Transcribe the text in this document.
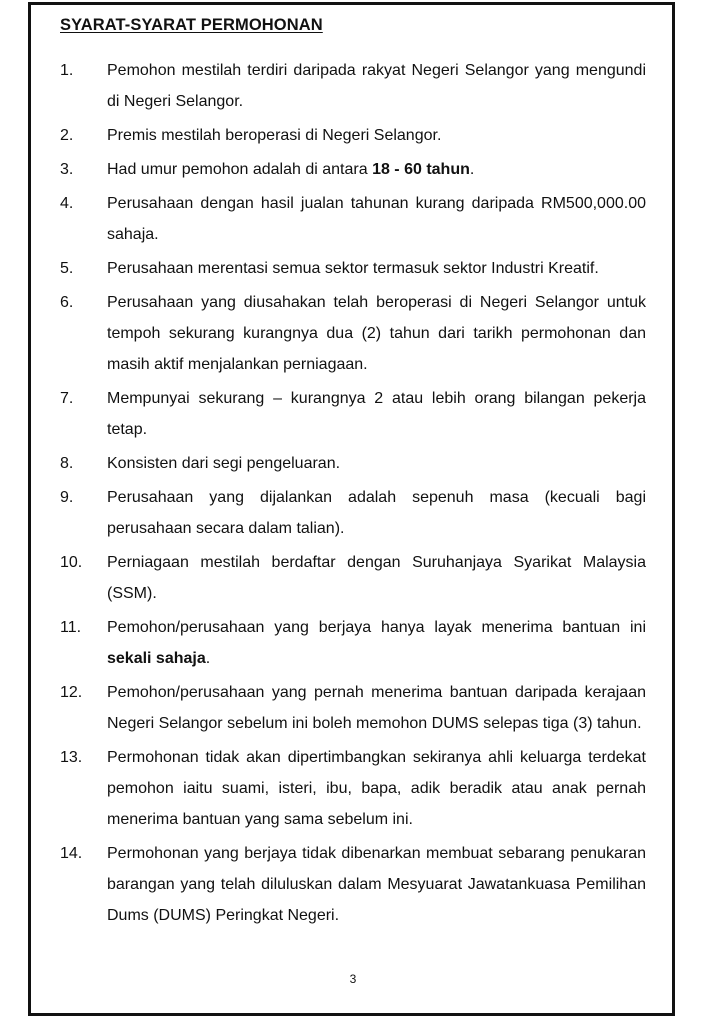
SYARAT-SYARAT PERMOHONAN
1.	Pemohon mestilah terdiri daripada rakyat Negeri Selangor yang mengundi di Negeri Selangor.
2.	Premis mestilah beroperasi di Negeri Selangor.
3.	Had umur pemohon adalah di antara 18 - 60 tahun.
4.	Perusahaan dengan hasil jualan tahunan kurang daripada RM500,000.00 sahaja.
5.	Perusahaan merentasi semua sektor termasuk sektor Industri Kreatif.
6.	Perusahaan yang diusahakan telah beroperasi di Negeri Selangor untuk tempoh sekurang kurangnya dua (2) tahun dari tarikh permohonan dan masih aktif menjalankan perniagaan.
7.	Mempunyai sekurang – kurangnya 2 atau lebih orang bilangan pekerja tetap.
8.	Konsisten dari segi pengeluaran.
9.	Perusahaan yang dijalankan adalah sepenuh masa (kecuali bagi perusahaan secara dalam talian).
10.	Perniagaan mestilah berdaftar dengan Suruhanjaya Syarikat Malaysia (SSM).
11.	Pemohon/perusahaan yang berjaya hanya layak menerima bantuan ini sekali sahaja.
12.	Pemohon/perusahaan yang pernah menerima bantuan daripada kerajaan Negeri Selangor sebelum ini boleh memohon DUMS selepas tiga (3) tahun.
13.	Permohonan tidak akan dipertimbangkan sekiranya ahli keluarga terdekat pemohon iaitu suami, isteri, ibu, bapa, adik beradik atau anak pernah menerima bantuan yang sama sebelum ini.
14.	Permohonan yang berjaya tidak dibenarkan membuat sebarang penukaran barangan yang telah diluluskan dalam Mesyuarat Jawatankuasa Pemilihan Dums (DUMS) Peringkat Negeri.
3
